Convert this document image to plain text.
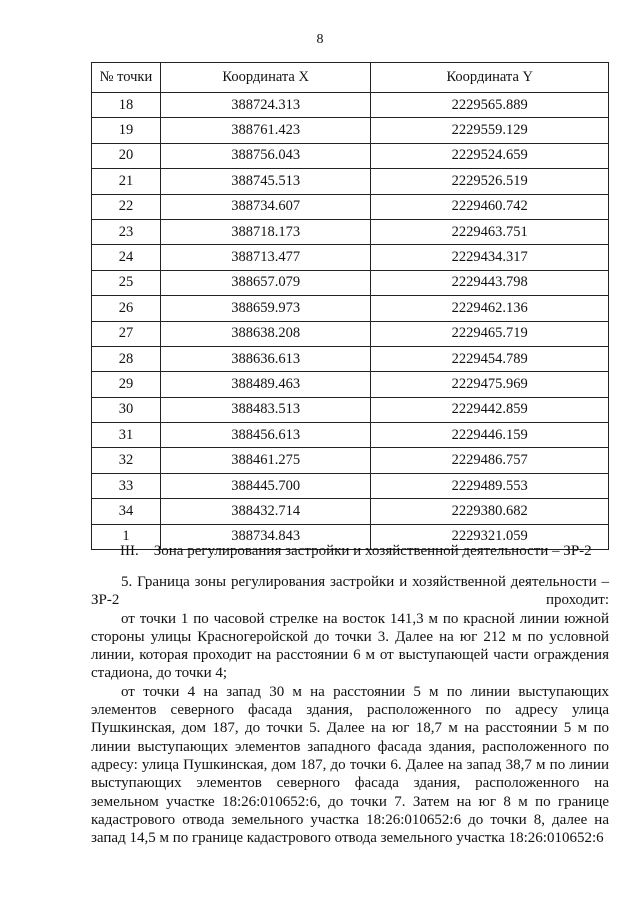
8
№ точки	Координата X	Координата Y
18	388724.313	2229565.889
19	388761.423	2229559.129
20	388756.043	2229524.659
21	388745.513	2229526.519
22	388734.607	2229460.742
23	388718.173	2229463.751
24	388713.477	2229434.317
25	388657.079	2229443.798
26	388659.973	2229462.136
27	388638.208	2229465.719
28	388636.613	2229454.789
29	388489.463	2229475.969
30	388483.513	2229442.859
31	388456.613	2229446.159
32	388461.275	2229486.757
33	388445.700	2229489.553
34	388432.714	2229380.682
1	388734.843	2229321.059
III. Зона регулирования застройки и хозяйственной деятельности – ЗР-2

5. Граница зоны регулирования застройки и хозяйственной деятельности – ЗР-2 проходит:

от точки 1 по часовой стрелке на восток 141,3 м по красной линии южной стороны улицы Красногеройской до точки 3. Далее на юг 212 м по условной линии, которая проходит на расстоянии 6 м от выступающей части ограждения стадиона, до точки 4;

от точки 4 на запад 30 м на расстоянии 5 м по линии выступающих элементов северного фасада здания, расположенного по адресу улица Пушкинская, дом 187, до точки 5. Далее на юг 18,7 м на расстоянии 5 м по линии выступающих элементов западного фасада здания, расположенного по адресу: улица Пушкинская, дом 187, до точки 6. Далее на запад 38,7 м по линии выступающих элементов северного фасада здания, расположенного на земельном участке 18:26:010652:6, до точки 7. Затем на юг 8 м по границе кадастрового отвода земельного участка 18:26:010652:6 до точки 8, далее на запад 14,5 м по границе кадастрового отвода земельного участка 18:26:010652:6
